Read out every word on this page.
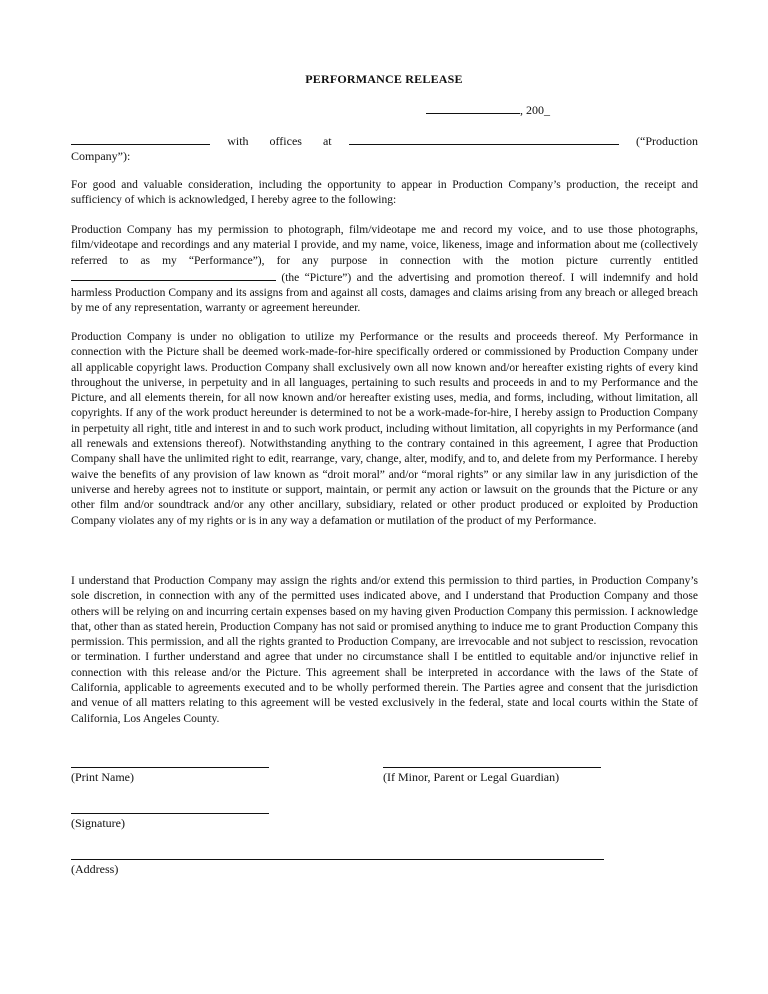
PERFORMANCE RELEASE
, 200_
with offices at	(“Production
Company”):
For good and valuable consideration, including the opportunity to appear in Production Company’s production, the receipt and sufficiency of which is acknowledged, I hereby agree to the following:
Production Company has my permission to photograph, film/videotape me and record my voice, and to use those photographs, film/videotape and recordings and any material I provide, and my name, voice, likeness, image and information about me (collectively referred to as my “Performance”), for any purpose in connection with the motion picture currently entitled  (the “Picture”) and the advertising and promotion thereof. I will indemnify and hold harmless Production Company and its assigns from and against all costs, damages and claims arising from any breach or alleged breach by me of any representation, warranty or agreement hereunder.
Production Company is under no obligation to utilize my Performance or the results and proceeds thereof. My Performance in connection with the Picture shall be deemed work-made-for-hire specifically ordered or commissioned by Production Company under all applicable copyright laws. Production Company shall exclusively own all now known and/or hereafter existing rights of every kind throughout the universe, in perpetuity and in all languages, pertaining to such results and proceeds in and to my Performance and the Picture, and all elements therein, for all now known and/or hereafter existing uses, media, and forms, including, without limitation, all copyrights. If any of the work product hereunder is determined to not be a work-made-for-hire, I hereby assign to Production Company in perpetuity all right, title and interest in and to such work product, including without limitation, all copyrights in my Performance (and all renewals and extensions thereof). Notwithstanding anything to the contrary contained in this agreement, I agree that Production Company shall have the unlimited right to edit, rearrange, vary, change, alter, modify, and to, and delete from my Performance. I hereby waive the benefits of any provision of law known as “droit moral” and/or “moral rights” or any similar law in any jurisdiction of the universe and hereby agrees not to institute or support, maintain, or permit any action or lawsuit on the grounds that the Picture or any other film and/or soundtrack and/or any other ancillary, subsidiary, related or other product produced or exploited by Production Company violates any of my rights or is in any way a defamation or mutilation of the product of my Performance.
I understand that Production Company may assign the rights and/or extend this permission to third parties, in Production Company’s sole discretion, in connection with any of the permitted uses indicated above, and I understand that Production Company and those others will be relying on and incurring certain expenses based on my having given Production Company this permission. I acknowledge that, other than as stated herein, Production Company has not said or promised anything to induce me to grant Production Company this permission. This permission, and all the rights granted to Production Company, are irrevocable and not subject to rescission, revocation or termination. I further understand and agree that under no circumstance shall I be entitled to equitable and/or injunctive relief in connection with this release and/or the Picture. This agreement shall be interpreted in accordance with the laws of the State of California, applicable to agreements executed and to be wholly performed therein. The Parties agree and consent that the jurisdiction and venue of all matters relating to this agreement will be vested exclusively in the federal, state and local courts within the State of California, Los Angeles County.
(Print Name)	(If Minor, Parent or Legal Guardian)
(Signature)
(Address)
